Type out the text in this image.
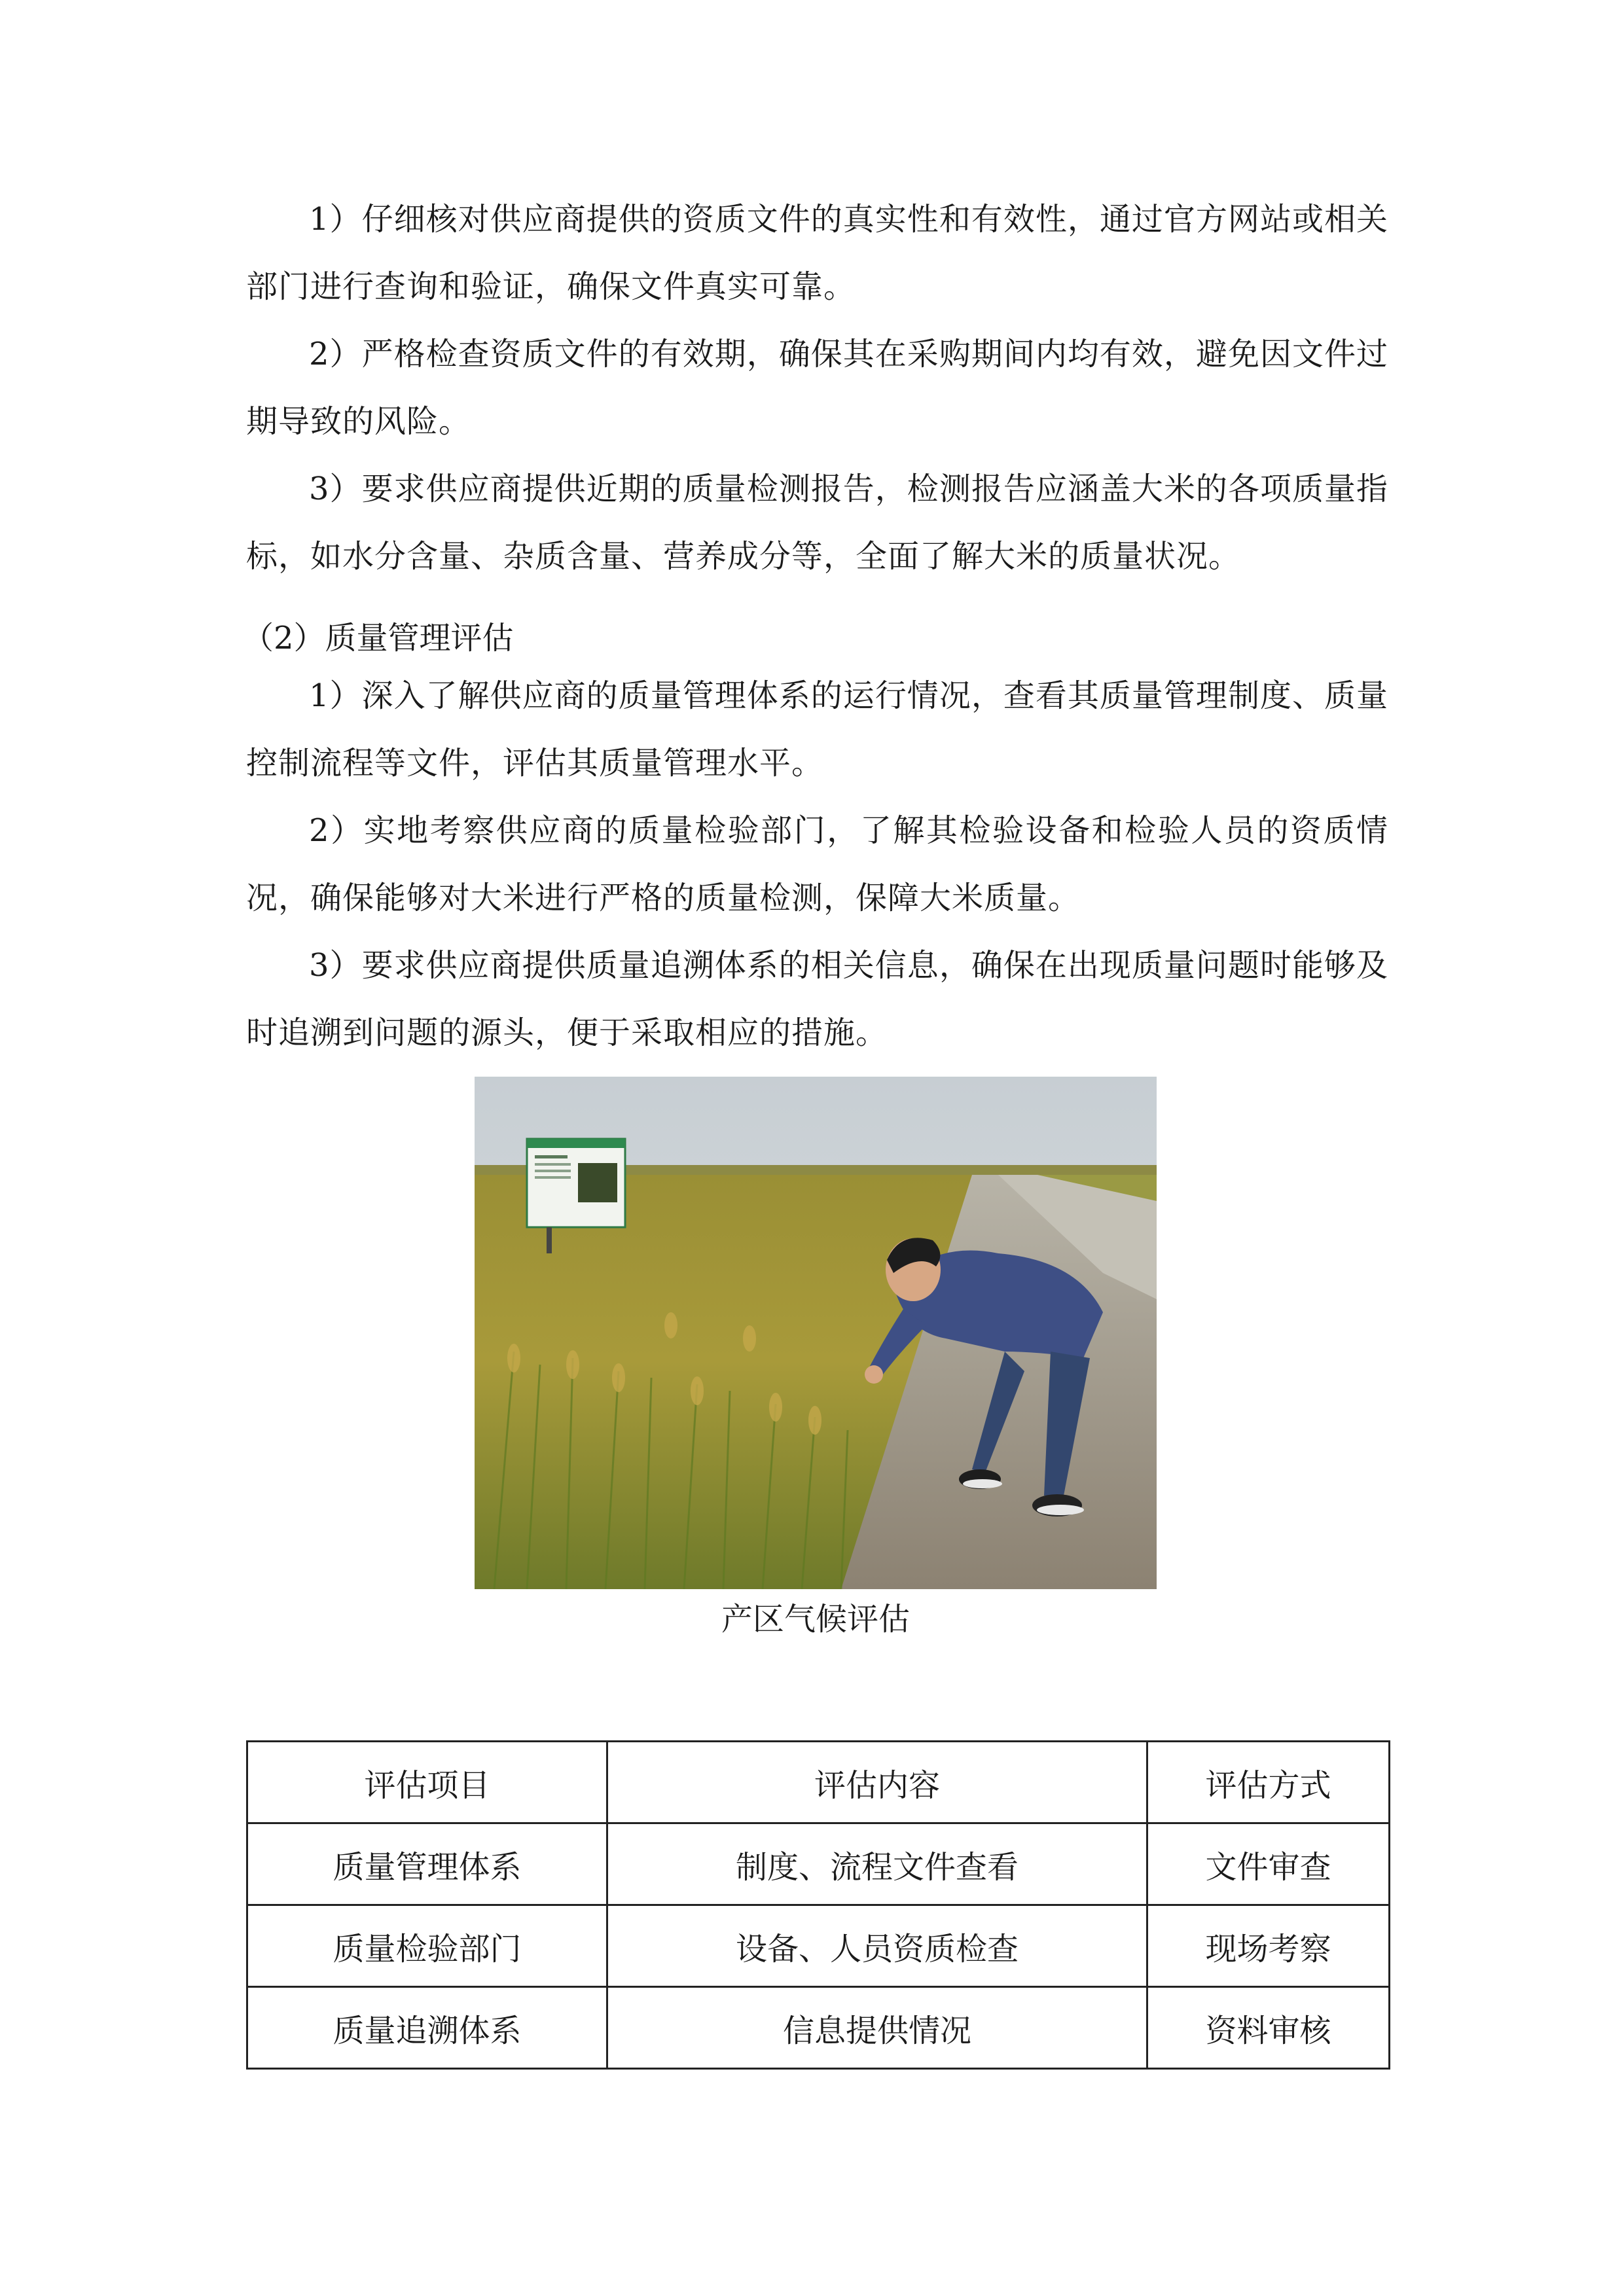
1）仔细核对供应商提供的资质文件的真实性和有效性，通过官方网站或相关部门进行查询和验证，确保文件真实可靠。

2）严格检查资质文件的有效期，确保其在采购期间内均有效，避免因文件过期导致的风险。

3）要求供应商提供近期的质量检测报告，检测报告应涵盖大米的各项质量指标，如水分含量、杂质含量、营养成分等，全面了解大米的质量状况。

（2）质量管理评估

1）深入了解供应商的质量管理体系的运行情况，查看其质量管理制度、质量控制流程等文件，评估其质量管理水平。

2）实地考察供应商的质量检验部门，了解其检验设备和检验人员的资质情况，确保能够对大米进行严格的质量检测，保障大米质量。

3）要求供应商提供质量追溯体系的相关信息，确保在出现质量问题时能够及时追溯到问题的源头，便于采取相应的措施。

产区气候评估
评估项目	评估内容	评估方式
质量管理体系	制度、流程文件查看	文件审查
质量检验部门	设备、人员资质检查	现场考察
质量追溯体系	信息提供情况	资料审核
